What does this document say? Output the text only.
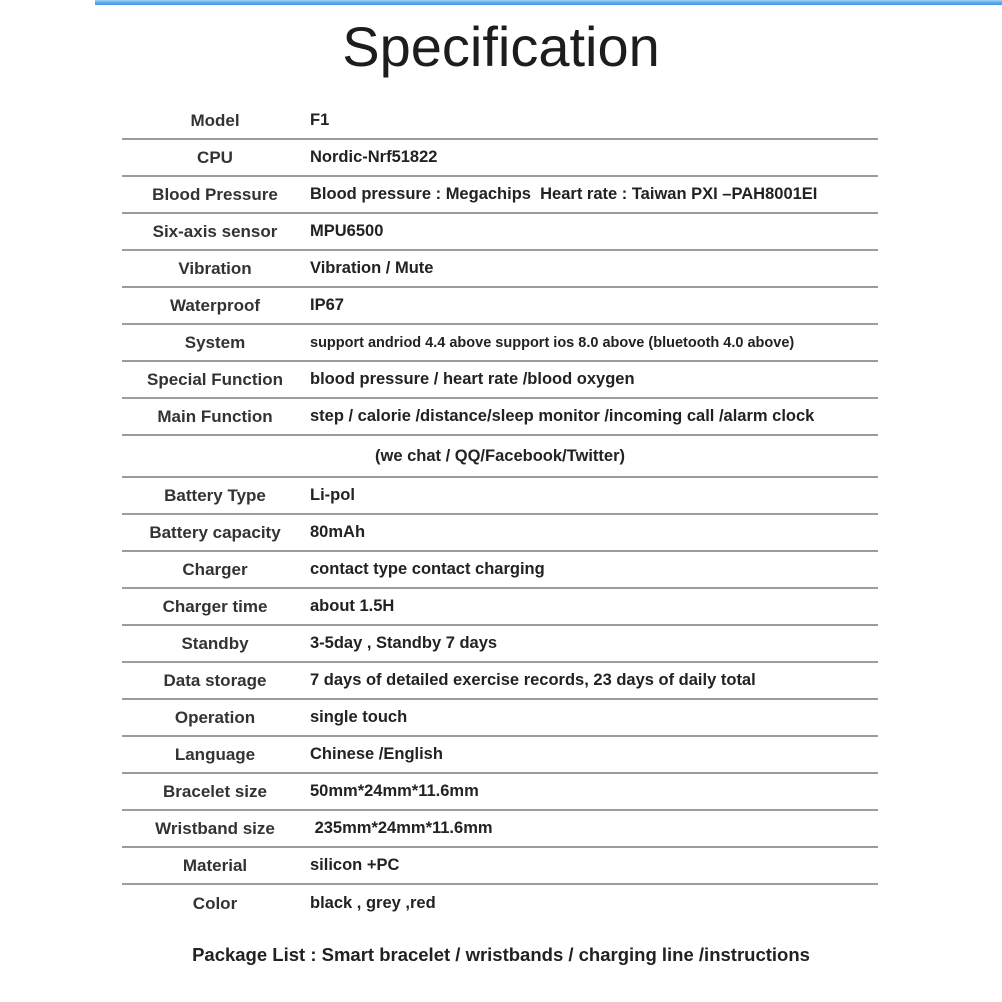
Specification
Model	F1
CPU	Nordic-Nrf51822
Blood Pressure	Blood pressure : Megachips  Heart rate : Taiwan PXI –PAH8001EI
Six-axis sensor	MPU6500
Vibration	Vibration / Mute
Waterproof	IP67
System	support andriod 4.4 above support ios 8.0 above (bluetooth 4.0 above)
Special Function	blood pressure / heart rate /blood oxygen
Main Function	step / calorie /distance/sleep monitor /incoming call /alarm clock
(we chat / QQ/Facebook/Twitter)
Battery Type	Li-pol
Battery capacity	80mAh
Charger	contact type contact charging
Charger time	about 1.5H
Standby	3-5day , Standby 7 days
Data storage	7 days of detailed exercise records, 23 days of daily total
Operation	single touch
Language	Chinese /English
Bracelet size	50mm*24mm*11.6mm
Wristband size	235mm*24mm*11.6mm
Material	silicon +PC
Color	black , grey ,red
Package List : Smart bracelet / wristbands / charging line /instructions
